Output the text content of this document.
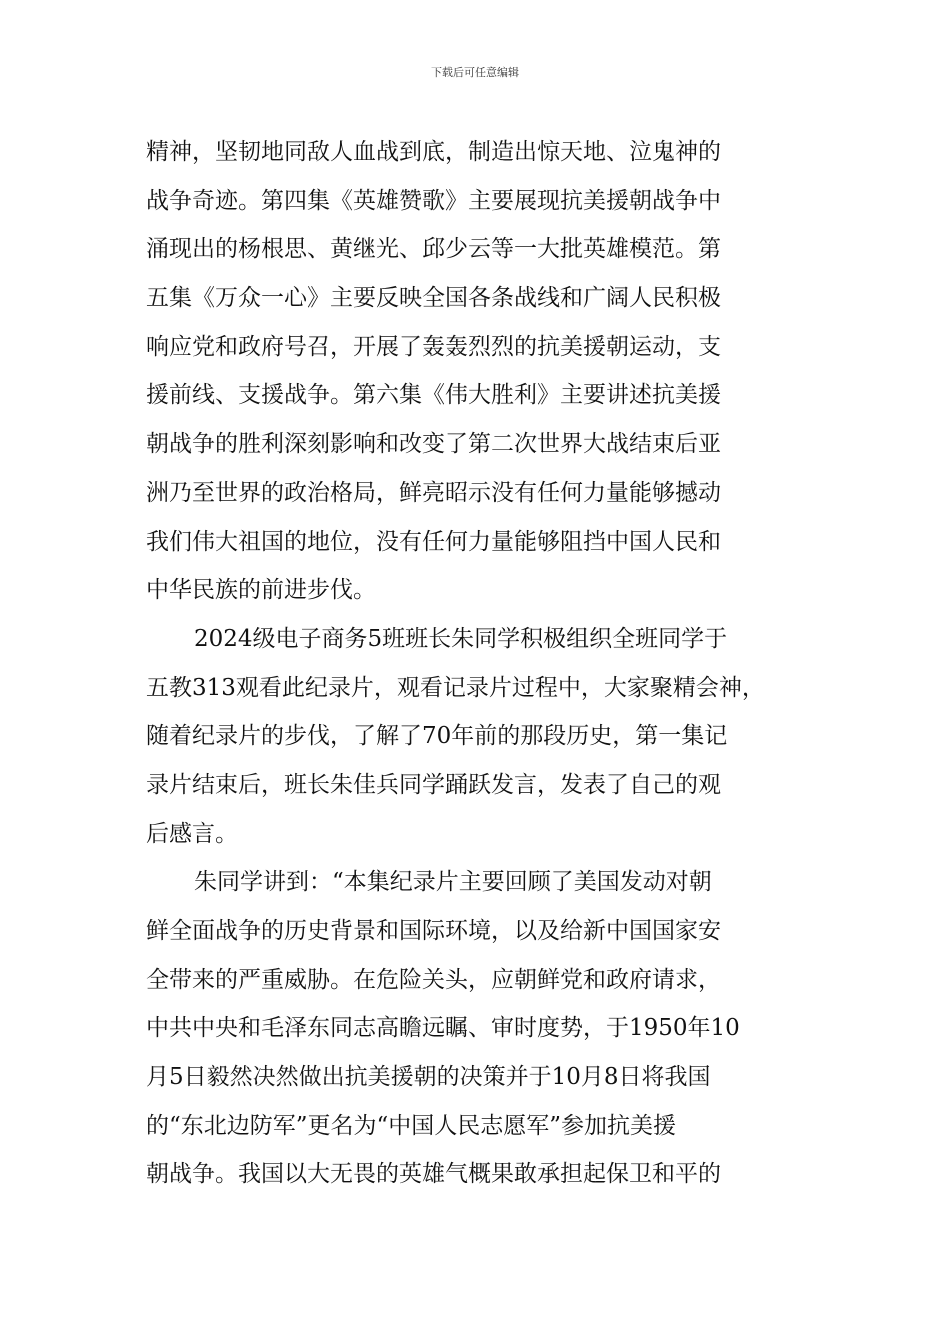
下载后可任意编辑
精神，坚韧地同敌人血战到底，制造出惊天地、泣鬼神的
战争奇迹。第四集《英雄赞歌》主要展现抗美援朝战争中
涌现出的杨根思、黄继光、邱少云等一大批英雄模范。第
五集《万众一心》主要反映全国各条战线和广阔人民积极
响应党和政府号召，开展了轰轰烈烈的抗美援朝运动，支
援前线、支援战争。第六集《伟大胜利》主要讲述抗美援
朝战争的胜利深刻影响和改变了第二次世界大战结束后亚
洲乃至世界的政治格局，鲜亮昭示没有任何力量能够撼动
我们伟大祖国的地位，没有任何力量能够阻挡中国人民和
中华民族的前进步伐。
2024级电子商务5班班长朱同学积极组织全班同学于
五教313观看此纪录片，观看记录片过程中，大家聚精会神，
随着纪录片的步伐，了解了70年前的那段历史，第一集记
录片结束后，班长朱佳兵同学踊跃发言，发表了自己的观
后感言。
朱同学讲到：“本集纪录片主要回顾了美国发动对朝
鲜全面战争的历史背景和国际环境，以及给新中国国家安
全带来的严重威胁。在危险关头，应朝鲜党和政府请求，
中共中央和毛泽东同志高瞻远瞩、审时度势，于1950年10
月5日毅然决然做出抗美援朝的决策并于10月8日将我国
的“东北边防军”更名为“中国人民志愿军”参加抗美援
朝战争。我国以大无畏的英雄气概果敢承担起保卫和平的
